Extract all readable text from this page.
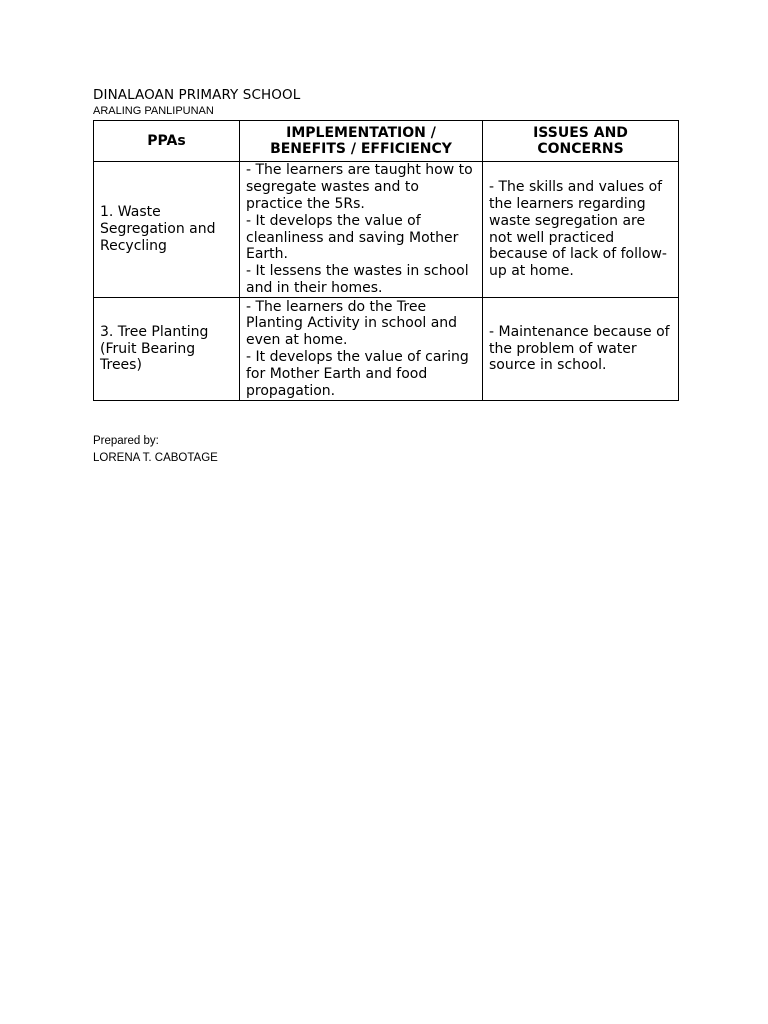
DINALAOAN PRIMARY SCHOOL
ARALING PANLIPUNAN
PPAs	IMPLEMENTATION / BENEFITS / EFFICIENCY	ISSUES AND CONCERNS
1. Waste Segregation and Recycling	- The learners are taught how to segregate wastes and to practice the 5Rs.
- It develops the value of cleanliness and saving Mother Earth.
- It lessens the wastes in school and in their homes.	- The skills and values of the learners regarding waste segregation are not well practiced because of lack of follow-up at home.
3. Tree Planting (Fruit Bearing Trees)	- The learners do the Tree Planting Activity in school and even at home.
- It develops the value of caring for Mother Earth and food propagation.	- Maintenance because of the problem of water source in school.
Prepared by:
LORENA T. CABOTAGE
